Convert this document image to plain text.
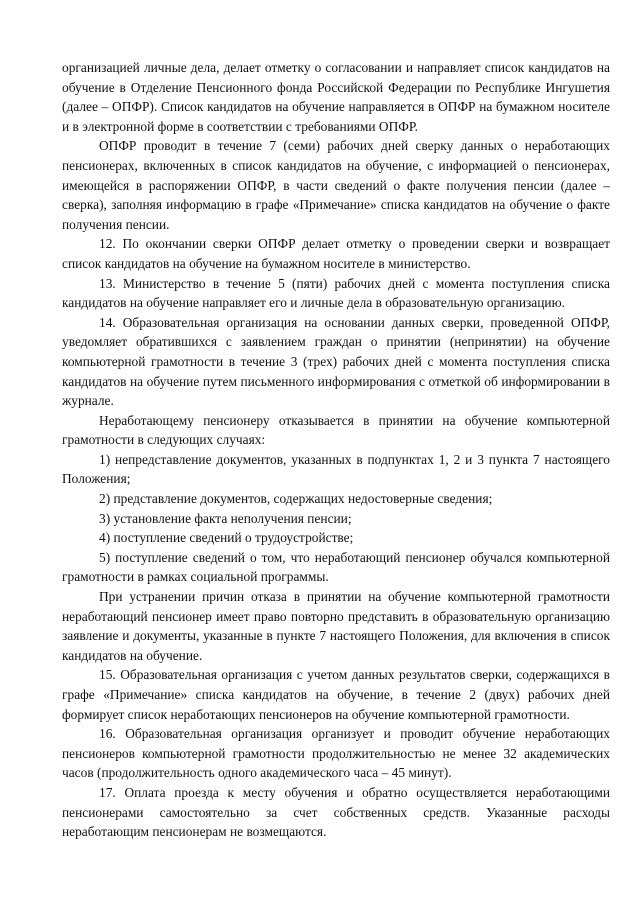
организацией личные дела, делает отметку о согласовании и направляет список кандидатов на обучение в Отделение Пенсионного фонда Российской Федерации по Республике Ингушетия (далее – ОПФР). Список кандидатов на обучение направляется в ОПФР на бумажном носителе и в электронной форме в соответствии с требованиями ОПФР.

ОПФР проводит в течение 7 (семи) рабочих дней сверку данных о неработающих пенсионерах, включенных в список кандидатов на обучение, с информацией о пенсионерах, имеющейся в распоряжении ОПФР, в части сведений о факте получения пенсии (далее – сверка), заполняя информацию в графе «Примечание» списка кандидатов на обучение о факте получения пенсии.

12. По окончании сверки ОПФР делает отметку о проведении сверки и возвращает список кандидатов на обучение на бумажном носителе в министерство.

13. Министерство в течение 5 (пяти) рабочих дней с момента поступления списка кандидатов на обучение направляет его и личные дела в образовательную организацию.

14. Образовательная организация на основании данных сверки, проведенной ОПФР, уведомляет обратившихся с заявлением граждан о принятии (непринятии) на обучение компьютерной грамотности в течение 3 (трех) рабочих дней с момента поступления списка кандидатов на обучение путем письменного информирования с отметкой об информировании в журнале.

Неработающему пенсионеру отказывается в принятии на обучение компьютерной грамотности в следующих случаях:

1) непредставление документов, указанных в подпунктах 1, 2 и 3 пункта 7 настоящего Положения;

2) представление документов, содержащих недостоверные сведения;

3) установление факта неполучения пенсии;

4) поступление сведений о трудоустройстве;

5) поступление сведений о том, что неработающий пенсионер обучался компьютерной грамотности в рамках социальной программы.

При устранении причин отказа в принятии на обучение компьютерной грамотности неработающий пенсионер имеет право повторно представить в образовательную организацию заявление и документы, указанные в пункте 7 настоящего Положения, для включения в список кандидатов на обучение.

15. Образовательная организация с учетом данных результатов сверки, содержащихся в графе «Примечание» списка кандидатов на обучение, в течение 2 (двух) рабочих дней формирует список неработающих пенсионеров на обучение компьютерной грамотности.

16. Образовательная организация организует и проводит обучение неработающих пенсионеров компьютерной грамотности продолжительностью не менее 32 академических часов (продолжительность одного академического часа – 45 минут).

17. Оплата проезда к месту обучения и обратно осуществляется неработающими пенсионерами самостоятельно за счет собственных средств. Указанные расходы неработающим пенсионерам не возмещаются.
